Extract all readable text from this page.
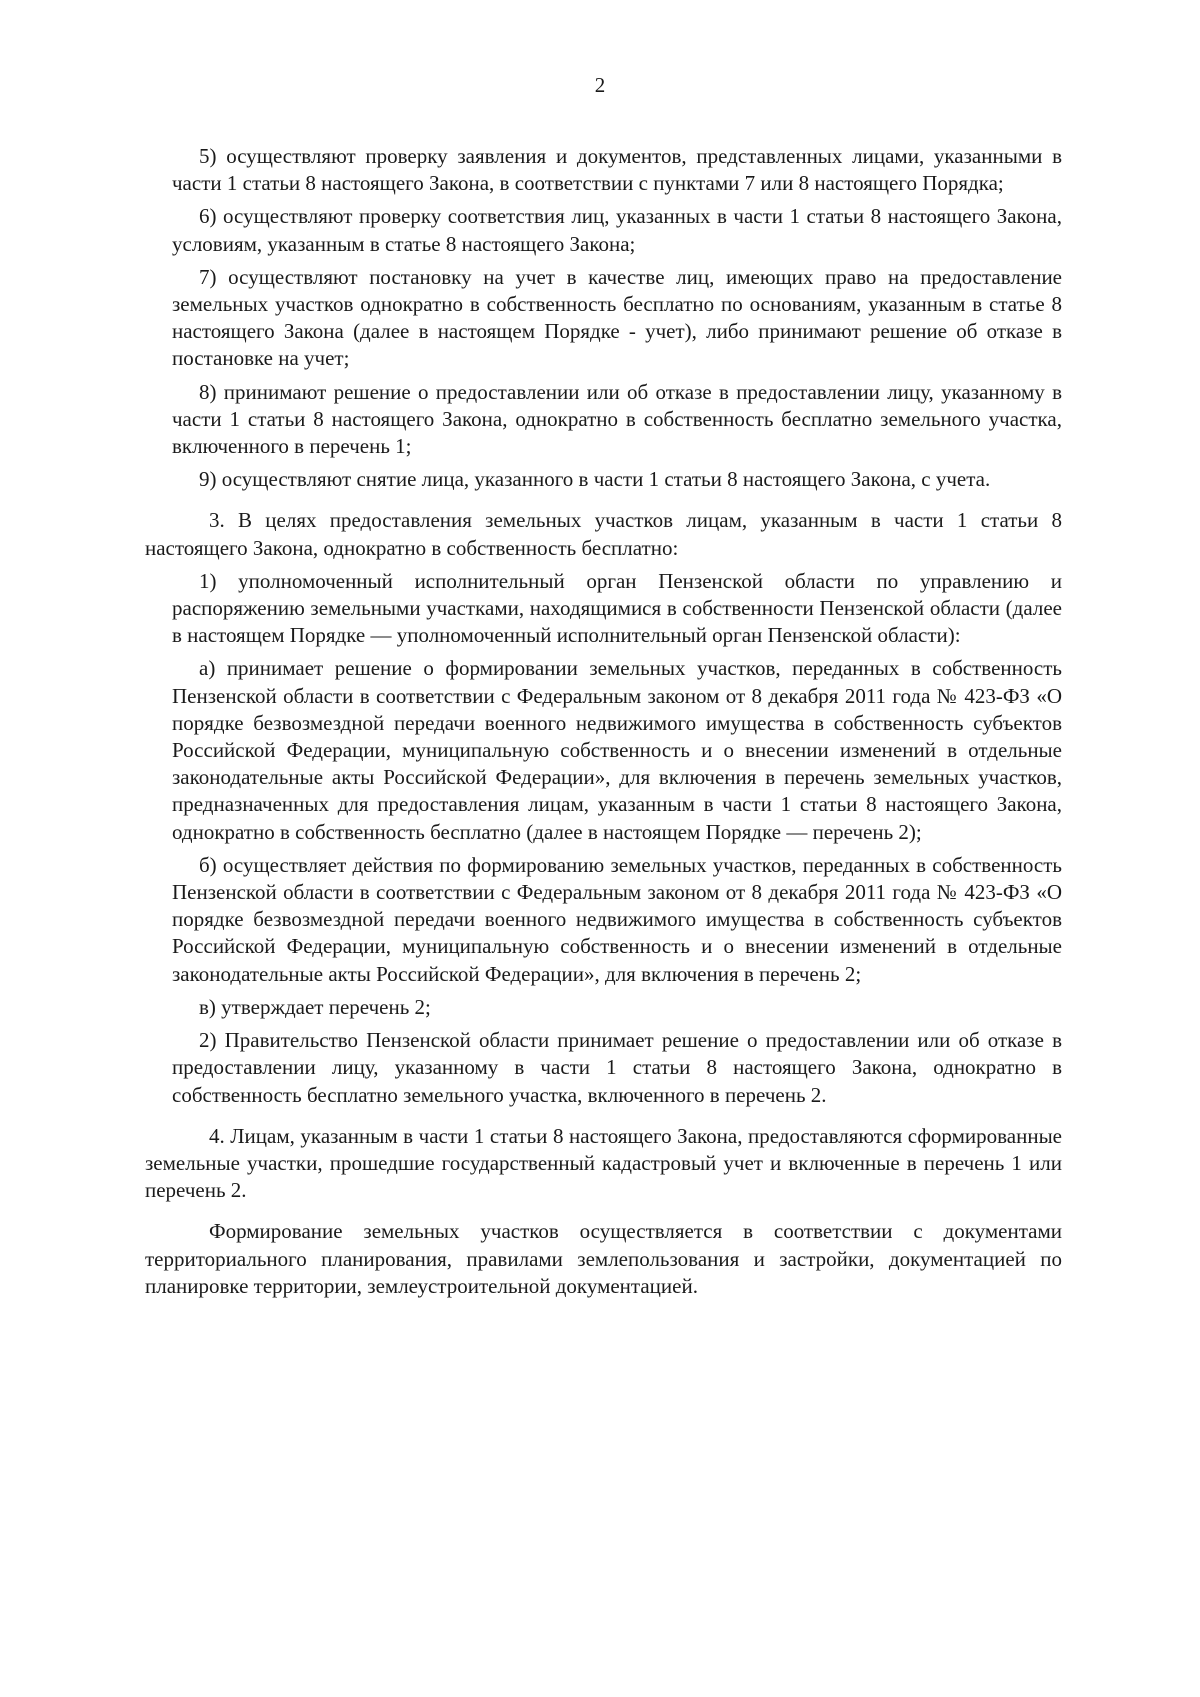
2

5) осуществляют проверку заявления и документов, представленных лицами, указанными в части 1 статьи 8 настоящего Закона, в соответствии с пунктами 7 или 8 настоящего Порядка;

6) осуществляют проверку соответствия лиц, указанных в части 1 статьи 8 настоящего Закона, условиям, указанным в статье 8 настоящего Закона;

7) осуществляют постановку на учет в качестве лиц, имеющих право на предоставление земельных участков однократно в собственность бесплатно по основаниям, указанным в статье 8 настоящего Закона (далее в настоящем Порядке - учет), либо принимают решение об отказе в постановке на учет;

8) принимают решение о предоставлении или об отказе в предоставлении лицу, указанному в части 1 статьи 8 настоящего Закона, однократно в собственность бесплатно земельного участка, включенного в перечень 1;

9) осуществляют снятие лица, указанного в части 1 статьи 8 настоящего Закона, с учета.

3. В целях предоставления земельных участков лицам, указанным в части 1 статьи 8 настоящего Закона, однократно в собственность бесплатно:

1) уполномоченный исполнительный орган Пензенской области по управлению и распоряжению земельными участками, находящимися в собственности Пензенской области (далее в настоящем Порядке — уполномоченный исполнительный орган Пензенской области):

а) принимает решение о формировании земельных участков, переданных в собственность Пензенской области в соответствии с Федеральным законом от 8 декабря 2011 года № 423-ФЗ «О порядке безвозмездной передачи военного недвижимого имущества в собственность субъектов Российской Федерации, муниципальную собственность и о внесении изменений в отдельные законодательные акты Российской Федерации», для включения в перечень земельных участков, предназначенных для предоставления лицам, указанным в части 1 статьи 8 настоящего Закона, однократно в собственность бесплатно (далее в настоящем Порядке — перечень 2);

б) осуществляет действия по формированию земельных участков, переданных в собственность Пензенской области в соответствии с Федеральным законом от 8 декабря 2011 года № 423-ФЗ «О порядке безвозмездной передачи военного недвижимого имущества в собственность субъектов Российской Федерации, муниципальную собственность и о внесении изменений в отдельные законодательные акты Российской Федерации», для включения в перечень 2;

в) утверждает перечень 2;

2) Правительство Пензенской области принимает решение о предоставлении или об отказе в предоставлении лицу, указанному в части 1 статьи 8 настоящего Закона, однократно в собственность бесплатно земельного участка, включенного в перечень 2.

4. Лицам, указанным в части 1 статьи 8 настоящего Закона, предоставляются сформированные земельные участки, прошедшие государственный кадастровый учет и включенные в перечень 1 или перечень 2.

Формирование земельных участков осуществляется в соответствии с документами территориального планирования, правилами землепользования и застройки, документацией по планировке территории, землеустроительной документацией.
